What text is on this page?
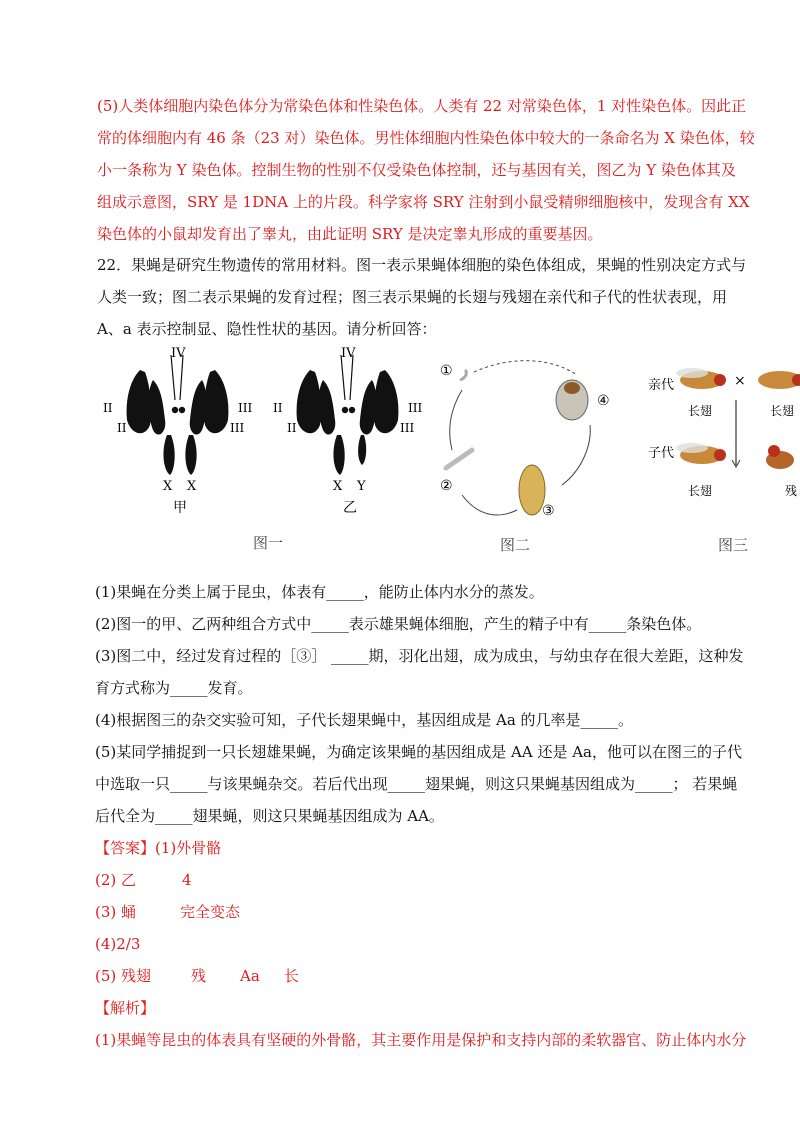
(5)人类体细胞内染色体分为常染色体和性染色体。人类有 22 对常染色体，1 对性染色体。因此正
常的体细胞内有 46 条（23 对）染色体。男性体细胞内性染色体中较大的一条命名为 X 染色体，较
小一条称为 Y 染色体。控制生物的性别不仅受染色体控制，还与基因有关，图乙为 Y 染色体其及
组成示意图，SRY 是 1DNA 上的片段。科学家将 SRY 注射到小鼠受精卵细胞核中，发现含有 XX
染色体的小鼠却发育出了睾丸，由此证明 SRY 是决定睾丸形成的重要基因。
22．果蝇是研究生物遗传的常用材料。图一表示果蝇体细胞的染色体组成，果蝇的性别决定方式与
人类一致；图二表示果蝇的发育过程；图三表示果蝇的长翅与残翅在亲代和子代的性状表现，用
A、a 表示控制显、隐性性状的基因。请分析回答：
IV
II
II
III
III
X X
甲
IV
II
II
III
III
X Y
乙
图一
①
②
③
④
图二
亲代	×
长翅	长翅
子代
长翅	残
图三
(1)果蝇在分类上属于昆虫，体表有_____，能防止体内水分的蒸发。
(2)图一的甲、乙两种组合方式中_____表示雄果蝇体细胞，产生的精子中有_____条染色体。
(3)图二中，经过发育过程的［③］ _____期，羽化出翅，成为成虫，与幼虫存在很大差距，这种发
育方式称为_____发育。
(4)根据图三的杂交实验可知，子代长翅果蝇中，基因组成是 Aa 的几率是_____。
(5)某同学捕捉到一只长翅雄果蝇，为确定该果蝇的基因组成是 AA 还是 Aa，他可以在图三的子代
中选取一只_____与该果蝇杂交。若后代出现_____翅果蝇，则这只果蝇基因组成为_____； 若果蝇
后代全为_____翅果蝇，则这只果蝇基因组成为 AA。
【答案】(1)外骨骼
(2) 乙	4
(3) 蛹	完全变态
(4)2/3
(5) 残翅	残 Aa 长
【解析】
(1)果蝇等昆虫的体表具有坚硬的外骨骼，其主要作用是保护和支持内部的柔软器官、防止体内水分
